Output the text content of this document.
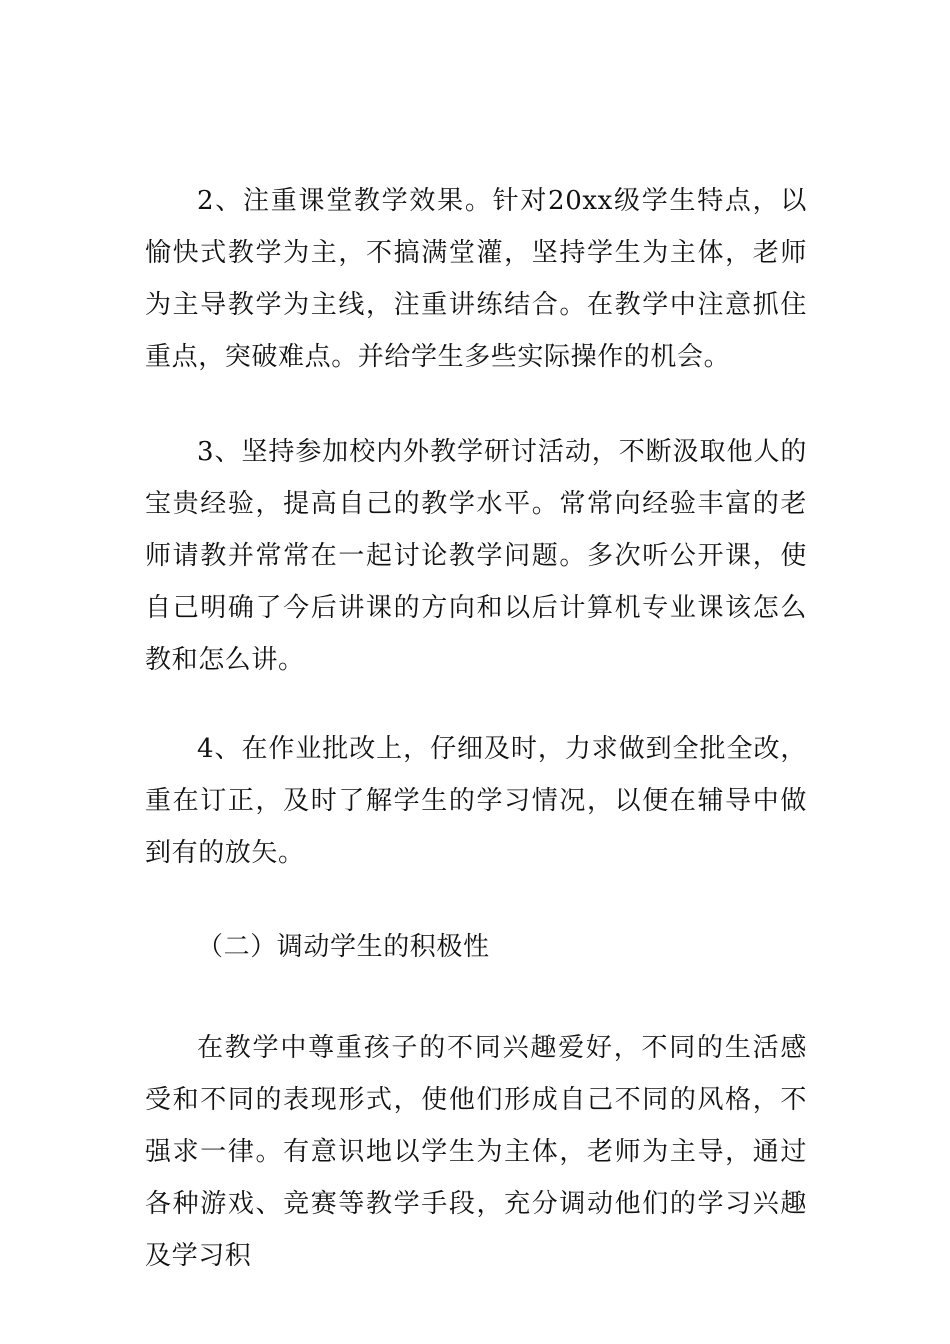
2、注重课堂教学效果。针对20xx级学生特点，以愉快式教学为主，不搞满堂灌，坚持学生为主体，老师为主导教学为主线，注重讲练结合。在教学中注意抓住重点，突破难点。并给学生多些实际操作的机会。

3、坚持参加校内外教学研讨活动，不断汲取他人的宝贵经验，提高自己的教学水平。常常向经验丰富的老师请教并常常在一起讨论教学问题。多次听公开课，使自己明确了今后讲课的方向和以后计算机专业课该怎么教和怎么讲。

4、在作业批改上，仔细及时，力求做到全批全改，重在订正，及时了解学生的学习情况，以便在辅导中做到有的放矢。

（二）调动学生的积极性

在教学中尊重孩子的不同兴趣爱好，不同的生活感受和不同的表现形式，使他们形成自己不同的风格，不强求一律。有意识地以学生为主体，老师为主导，通过各种游戏、竞赛等教学手段，充分调动他们的学习兴趣及学习积
